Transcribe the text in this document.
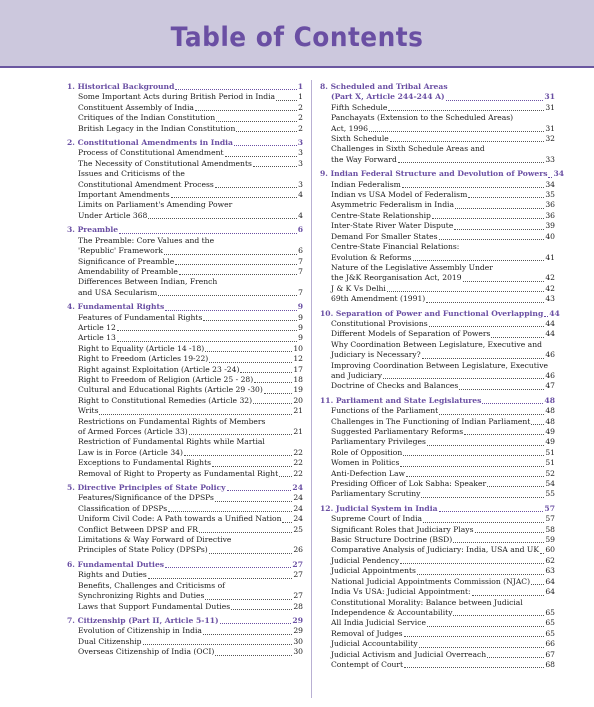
Table of Contents
1. Historical Background	1
Some Important Acts during British Period in India	1
Constituent Assembly of India	2
Critiques of the Indian Constitution	2
British Legacy in the Indian Constitution	2
2. Constitutional Amendments in India	3
Process of Constitutional Amendment	3
The Necessity of Constitutional Amendments	3
Issues and Criticisms of the
Constitutional Amendment Process	3
Important Amendments	4
Limits on Parliament's Amending Power
Under Article 368	4
3. Preamble	6
The Preamble: Core Values and the
'Republic' Framework	6
Significance of Preamble	7
Amendability of Preamble	7
Differences Between Indian, French
and USA Secularism	7
4. Fundamental Rights	9
Features of Fundamental Rights	9
Article 12	9
Article 13	9
Right to Equality (Article 14 -18)	10
Right to Freedom (Articles 19-22)	12
Right against Exploitation (Article 23 -24)	17
Right to Freedom of Religion (Article 25 - 28)	18
Cultural and Educational Rights (Article 29 -30)	19
Right to Constitutional Remedies (Article 32)	20
Writs	21
Restrictions on Fundamental Rights of Members
of Armed Forces (Article 33)	21
Restriction of Fundamental Rights while Martial
Law is in Force (Article 34)	22
Exceptions to Fundamental Rights	22
Removal of Right to Property as Fundamental Right 22
5. Directive Principles of State Policy	24
Features/Significance of the DPSPs	24
Classification of DPSPs	24
Uniform Civil Code: A Path towards a Unified Nation 24
Conflict Between DPSP and FR	25
Limitations & Way Forward of Directive
Principles of State Policy (DPSPs)	26
6. Fundamental Duties	27
Rights and Duties	27
Benefits, Challenges and Criticisms of
Synchronizing Rights and Duties	27
Laws that Support Fundamental Duties	28
7. Citizenship (Part II, Article 5-11)	29
Evolution of Citizenship in India	29
Dual Citizenship	30
Overseas Citizenship of India (OCI)	30
8. Scheduled and Tribal Areas
(Part X, Article 244-244 A)	31
Fifth Schedule	31
Panchayats (Extension to the Scheduled Areas)
Act, 1996	31
Sixth Schedule	32
Challenges in Sixth Schedule Areas and
the Way Forward	33
9. Indian Federal Structure and Devolution of Powers 34
Indian Federalism	34
Indian vs USA Model of Federalism	35
Asymmetric Federalism in India	36
Centre-State Relationship	36
Inter-State River Water Dispute	39
Demand For Smaller States	40
Centre-State Financial Relations:
Evolution & Reforms	41
Nature of the Legislative Assembly Under
the J&K Reorganisation Act, 2019	42
J & K Vs Delhi	42
69th Amendment (1991)	43
10. Separation of Power and Functional Overlapping 44
Constitutional Provisions	44
Different Models of Separation of Powers	44
Why Coordination Between Legislature, Executive and
Judiciary is Necessary?	46
Improving Coordination Between Legislature, Executive
and Judiciary	46
Doctrine of Checks and Balances	47
11. Parliament and State Legislatures	48
Functions of the Parliament	48
Challenges in The Functioning of Indian Parliament 48
Suggested Parliamentary Reforms	49
Parliamentary Privileges	49
Role of Opposition	51
Women in Politics	51
Anti-Defection Law	52
Presiding Officer of Lok Sabha: Speaker	54
Parliamentary Scrutiny	55
12. Judicial System in India	57
Supreme Court of India	57
Significant Roles that Judiciary Plays	58
Basic Structure Doctrine (BSD)	59
Comparative Analysis of Judiciary: India, USA and UK 60
Judicial Pendency	62
Judicial Appointments	63
National Judicial Appointments Commission (NJAC) 64
India Vs USA: Judicial Appointment:	64
Constitutional Morality: Balance between Judicial
Independence & Accountability	65
All India Judicial Service	65
Removal of Judges	65
Judicial Accountability	66
Judicial Activism and Judicial Overreach	67
Contempt of Court	68
